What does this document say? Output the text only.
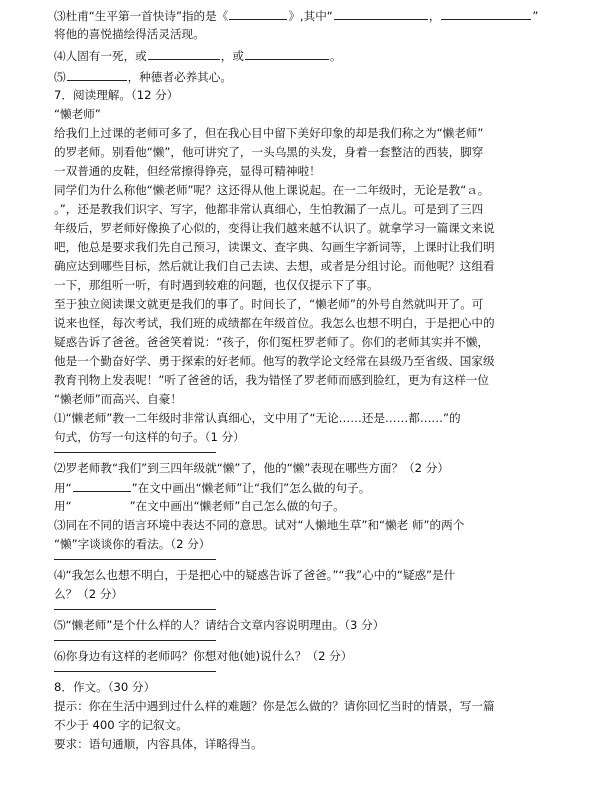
⑶杜甫“生平第一首快诗”指的是《	》,其中“	，	”
将他的喜悦描绘得活灵活现。
⑷人固有一死，或	，或	。
⑸	，种德者必养其心。
7．阅读理解。（12 分）
“懒老师”
给我们上过课的老师可多了，但在我心目中留下美好印象的却是我们称之为“懒老师”
的罗老师。别看他“懒”，他可讲究了，一头乌黑的头发，身着一套整洁的西装，脚穿
一双普通的皮鞋，但经常擦得铮亮，显得可精神啦！
同学们为什么称他“懒老师”呢？这还得从他上课说起。在一二年级时，无论是教“ａ。
。”，还是教我们识字、写字，他都非常认真细心，生怕教漏了一点儿。可是到了三四
年级后，罗老师好像换了心似的，变得让我们越来越不认识了。就拿学习一篇课文来说
吧，他总是要求我们先自己预习，读课文、查字典、勾画生字新词等，上课时让我们明
确应达到哪些目标，然后就让我们自己去读、去想，或者是分组讨论。而他呢？这组看
一下，那组听一听，有时遇到较难的问题，也仅仅提示下了事。
至于独立阅读课文就更是我们的事了。时间长了，“懒老师”的外号自然就叫开了。可
说来也怪，每次考试，我们班的成绩都在年级首位。我怎么也想不明白，于是把心中的
疑惑告诉了爸爸。爸爸笑着说：“孩子，你们冤枉罗老师了。你们的老师其实并不懒，
他是一个勤奋好学、勇于探索的好老师。他写的教学论文经常在县级乃至省级、国家级
教育刊物上发表呢！”听了爸爸的话，我为错怪了罗老师而感到脸红，更为有这样一位
“懒老师”而高兴、自豪！
⑴“懒老师”教一二年级时非常认真细心，文中用了“无论……还是……都……”的
句式，仿写一句这样的句子。（1 分）
⑵罗老师教“我们”到三四年级就“懒”了，他的“懒”表现在哪些方面？（2 分）
用“	”在文中画出“懒老师”让“我们”怎么做的句子。
用“	”在文中画出“懒老师”自己怎么做的句子。
⑶同在不同的语言环境中表达不同的意思。试对“人懒地生草”和“懒老 师”的两个
“懒”字谈谈你的看法。（2 分）
⑷“我怎么也想不明白，于是把心中的疑惑告诉了爸爸。”“我”心中的“疑惑”是什
么？（2 分）
⑸“懒老师”是个什么样的人？请结合文章内容说明理由。（3 分）
⑹你身边有这样的老师吗？你想对他(她)说什么？（2 分）
8．作文。（30 分）
提示：你在生活中遇到过什么样的难题？你是怎么做的？请你回忆当时的情景，写一篇
不少于 400 字的记叙文。
要求：语句通顺，内容具体，详略得当。
